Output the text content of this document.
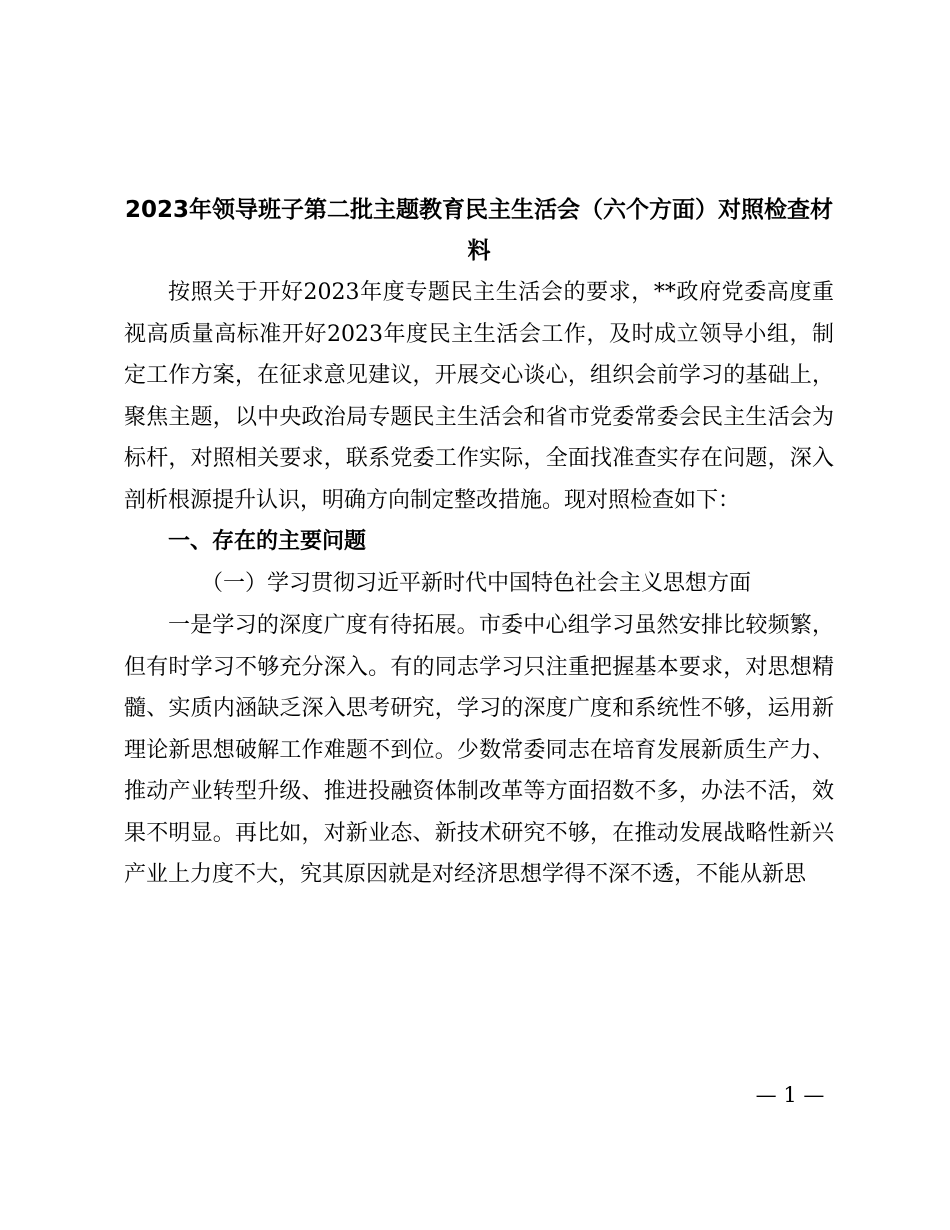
2023年领导班子第二批主题教育民主生活会（六个方面）对照检查材料

按照关于开好2023年度专题民主生活会的要求，**政府党委高度重视高质量高标准开好2023年度民主生活会工作，及时成立领导小组，制定工作方案，在征求意见建议，开展交心谈心，组织会前学习的基础上，聚焦主题，以中央政治局专题民主生活会和省市党委常委会民主生活会为标杆，对照相关要求，联系党委工作实际，全面找准查实存在问题，深入剖析根源提升认识，明确方向制定整改措施。现对照检查如下：

一、存在的主要问题

（一）学习贯彻习近平新时代中国特色社会主义思想方面

一是学习的深度广度有待拓展。市委中心组学习虽然安排比较频繁，但有时学习不够充分深入。有的同志学习只注重把握基本要求，对思想精髓、实质内涵缺乏深入思考研究，学习的深度广度和系统性不够，运用新理论新思想破解工作难题不到位。少数常委同志在培育发展新质生产力、推动产业转型升级、推进投融资体制改革等方面招数不多，办法不活，效果不明显。再比如，对新业态、新技术研究不够，在推动发展战略性新兴产业上力度不大，究其原因就是对经济思想学得不深不透，不能从新思

— 1 —
